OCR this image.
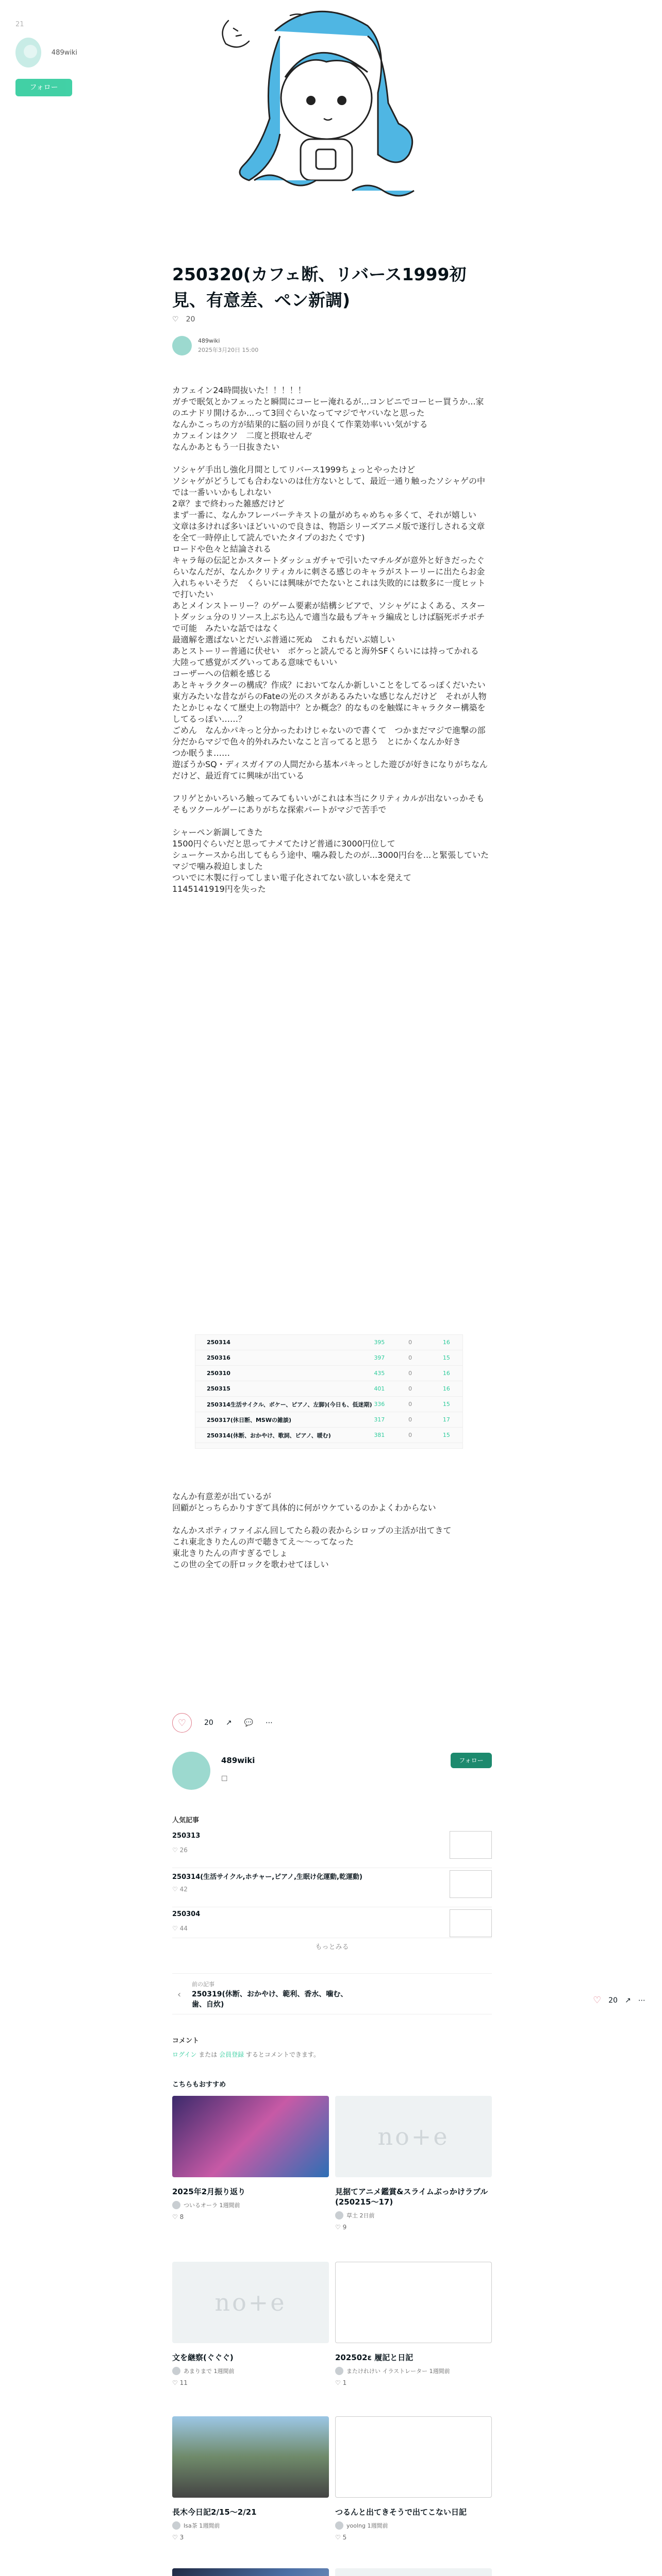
21
489wiki
フォロー
250320(カフェ断、リバース1999初見、有意差、ペン新調)
♡ 20
489wiki
2025年3月20日 15:00
カフェイン24時間抜いた！！！！！
ガチで眠気とかフェったと瞬間にコーヒー淹れるが...コンビニでコーヒー買うか...家のエナドリ開けるか...って3回ぐらいなってマジでヤバいなと思った
なんかこっちの方が結果的に脳の回りが良くて作業効率いい気がする
カフェインはクソ　二度と摂取せんぞ
なんかあともう一日抜きたい

ソシャゲ手出し強化月間としてリバース1999ちょっとやったけど
ソシャゲがどうしても合わないのは仕方ないとして、最近一通り触ったソシャゲの中では一番いいかもしれない
2章？まで終わった雑感だけど
まず一番に、なんかフレーバーテキストの量がめちゃめちゃ多くて、それが嬉しい　文章は多ければ多いほどいいので良きは、物語シリーズアニメ版で遂行しされる文章を全て一時停止して読んでいたタイプのおたくです)
ロードや色々と結論される
キャラ毎の伝記とかスタートダッシュガチャで引いたマチルダが意外と好きだったぐらいなんだが、なんかクリティカルに刺さる感じのキャラがストーリーに出たらお金入れちゃいそうだ　くらいには興味がでたないとこれは失敗的には数多に一度ヒットで打いたい
あとメインストーリー？のゲーム要素が結構シビアで、ソシャゲによくある、スタートダッシュ分のリソース上ぶち込んで適当な最もプキャラ編成としけば脳死ポチポチで可能　みたいな話ではなく
最適解を選ばないとだいぶ普通に死ぬ　これもだいぶ嬉しい
あとストーリー普通に伏せい　ボケっと読んでると海外SFくらいには持ってかれる
大陸って感覚がズグいってある意味でもいい
コーザーへの信頼を感じる
あとキャラクターの構成？作成？においてなんか新しいことをしてるっぽくだいたい東方みたいな昔ながらのFateの光のスタがあるみたいな感じなんだけど　それが人物たとかじゃなくて歴史上の物語中？とか概念？的なものを触媒にキャラクター構築をしてるっぽい……？
ごめん　なんかパキっと分かったわけじゃないので書くて　つかまだマジで進撃の部分だからマジで色々的外れみたいなこと言ってると思う　とにかくなんか好き
つか眠うま……
遊ぼうかSQ・ディスガイアの人間だから基本パキっとした遊びが好きになりがちなんだけど、最近育てに興味が出ている

フリゲとかいろいろ触ってみてもいいがこれは本当にクリティカルが出ないっかそもそもツクールゲーにありがちな探索パートがマジで苦手で

シャーペン新調してきた
1500円ぐらいだと思ってナメてたけど普通に3000円位して
シューケースから出してもらう途中、噛み殺したのが...3000円台を...と緊張していた
マジで噛み殺迫しました
ついでに木製に行ってしまい電子化されてない欲しい本を発えて
1145141919円を失った
250314	395	0	16
250316	397	0	15
250310	435	0	16
250315	401	0	16
250314生活サイクル、ボケー、ピアノ、左脚)(今日も、低迷期) 336	0	15
250317(休日断、MSWの雑談)	317	0	17
250314(休断、おかやけ、歌詞、ピアノ、暖む)	381	0	15
なんか有意差が出ているが
回顧がとっちらかりすぎて具体的に何がウケているのかよくわからない

なんかスポティファイぶん回してたら殺の表からシロップの主活が出てきて
これ東北きりたんの声で聴きてえ〜〜ってなった
東北きりたんの声すぎるでしょ
この世の全ての肝ロックを歌わせてほしい
♡	20 ↗ 💬 ⋯
489wiki	フォロー
☐
人気記事
250313
♡ 26
250314(生活サイクル,ホチャー,ピアノ,生眠け化運動,乾運動)
♡ 42
250304
♡ 44
もっとみる
‹
前の記事
250319(休断、おかやけ、範利、香水、噛む、歯、自炊)	♡ 20 ↗ ⋯
コメント
ログイン または 会員登録 するとコメントできます。
こちらもおすすめ
2025年2月振り返り
ついるオーラ 1週間前
♡ 8
no+e
見据てアニメ鑑賞&スライムぶっかけラブル(250215〜17)
草土 2日前
♡ 9
no+e
文を継察(ぐぐぐ)
あまりまで 1週間前
♡ 11
202502ε 履記と日記
またけれけい イラストレーター 1週間前
♡ 1
長木今日記2/15〜2/21
Isa茶 1週間前
♡ 3
つるんと出てきそうで出てこない日記
yoolng 1週間前
♡ 5
